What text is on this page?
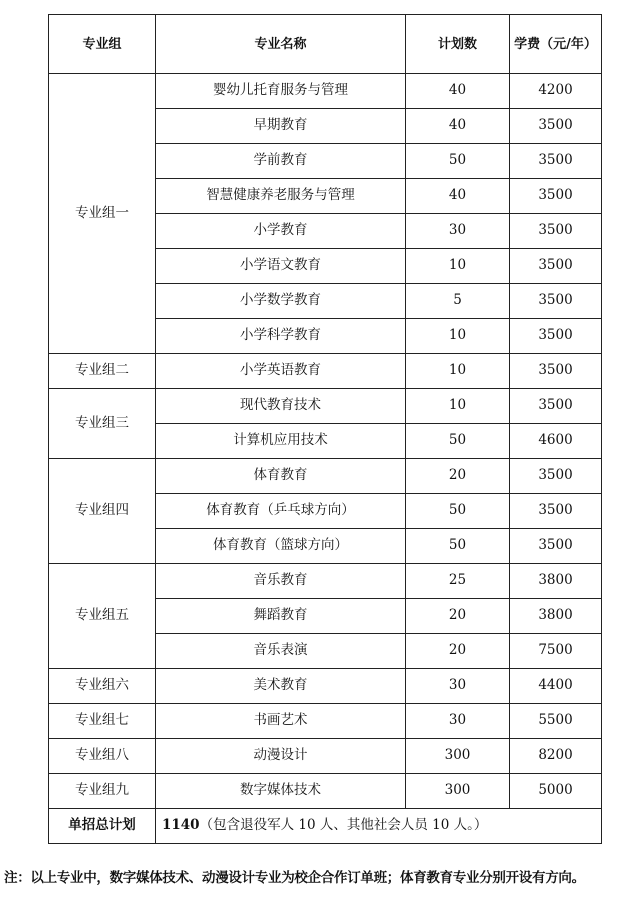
专业组	专业名称	计划数	学费（元/年）
专业组一	婴幼儿托育服务与管理	40	4200
	早期教育	40	3500
	学前教育	50	3500
	智慧健康养老服务与管理	40	3500
	小学教育	30	3500
	小学语文教育	10	3500
	小学数学教育	5	3500
	小学科学教育	10	3500
专业组二	小学英语教育	10	3500
专业组三	现代教育技术	10	3500
	计算机应用技术	50	4600
专业组四	体育教育	20	3500
	体育教育（乒乓球方向）	50	3500
	体育教育（篮球方向）	50	3500
专业组五	音乐教育	25	3800
	舞蹈教育	20	3800
	音乐表演	20	7500
专业组六	美术教育	30	4400
专业组七	书画艺术	30	5500
专业组八	动漫设计	300	8200
专业组九	数字媒体技术	300	5000
单招总计划	1140（包含退役军人 10 人、其他社会人员 10 人。）		
注：以上专业中，数字媒体技术、动漫设计专业为校企合作订单班；体育教育专业分别开设有方向。
